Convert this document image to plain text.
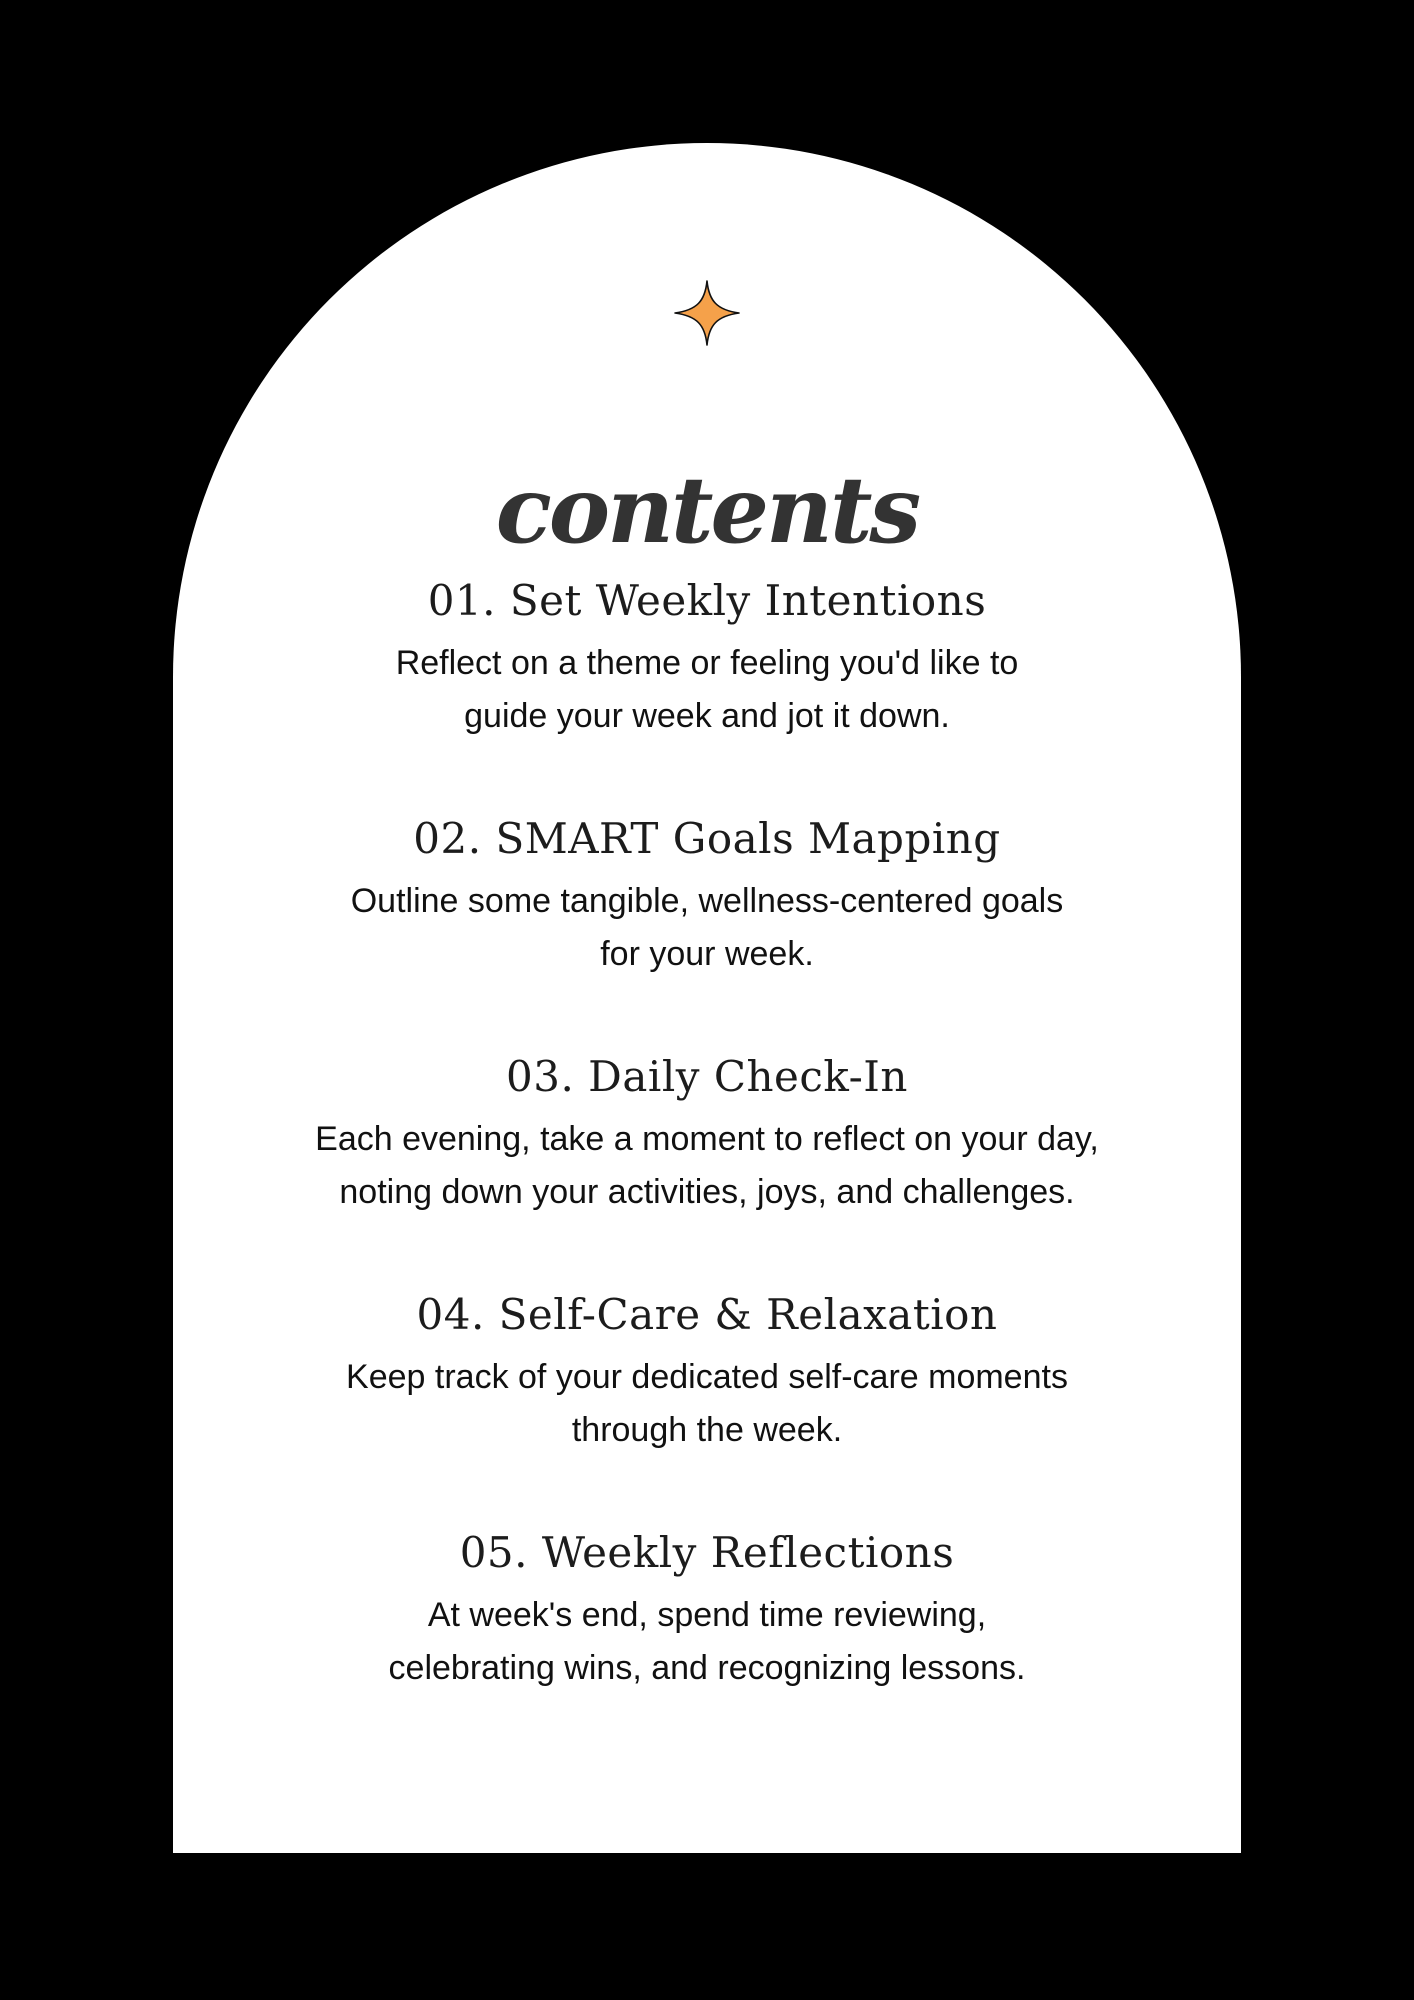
contents
01. Set Weekly Intentions

Reflect on a theme or feeling you'd like to
guide your week and jot it down.

02. SMART Goals Mapping

Outline some tangible, wellness-centered goals
for your week.

03. Daily Check-In

Each evening, take a moment to reflect on your day,
noting down your activities, joys, and challenges.

04. Self-Care & Relaxation

Keep track of your dedicated self-care moments
through the week.

05. Weekly Reflections

At week's end, spend time reviewing,
celebrating wins, and recognizing lessons.
